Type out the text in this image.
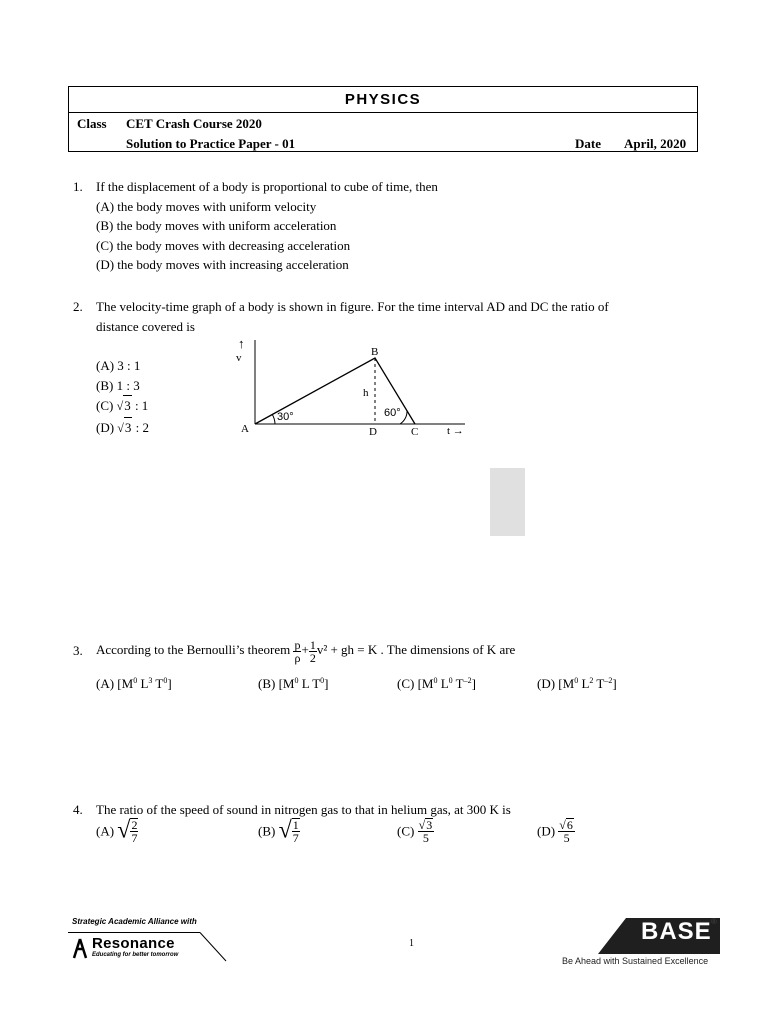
PHYSICS
Class CET Crash Course 2020
Solution to Practice Paper - 01	Date April, 2020
1. If the displacement of a body is proportional to cube of time, then
(A) the body moves with uniform velocity
(B) the body moves with uniform acceleration
(C) the body moves with decreasing acceleration
(D) the body moves with increasing acceleration
2. The velocity-time graph of a body is shown in figure. For the time interval AD and DC the ratio of
distance covered is
(A) 3 : 1
(B) 1 : 3
(C) √3 : 1
(D) √3 : 2
↑
v
A
B
C
D
h
30°	60°
t →
3. According to the Bernoulli’s theorem $\frac{p}{\rho} + \frac{1}{2} v^2$ + gh = K . The dimensions of K are
(A) [$M^0$ $L^3$ $T^0$]	(B) [$M^0$ L $T^0$]	(C) [$M^0$ $L^0$ $T^{-2}$]	(D) [$M^0$ $L^2$ $T^{-2}$]
4. The ratio of the speed of sound in nitrogen gas to that in helium gas, at 300 K is
(A) √ $\frac{2}{7}$	(B) √ $\frac{1}{7}$	$(C) \frac{√3}{5}$	$(D) \frac{√6}{5}$
Strategic Academic Alliance with
Resonance
Educating for better tomorrow
1	BASE ®
Be Ahead with Sustained Excellence
